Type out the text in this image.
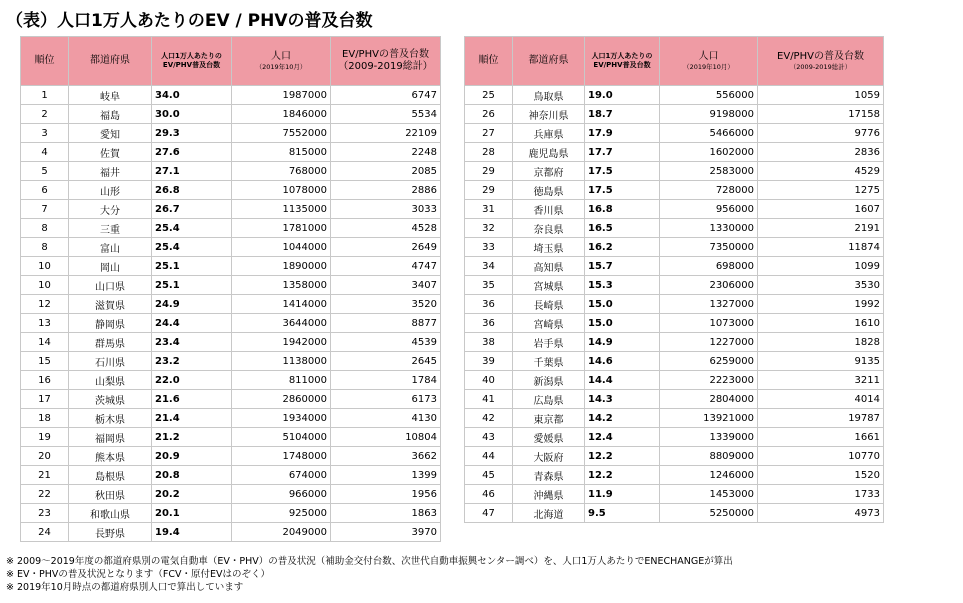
（表）人口1万人あたりのEV / PHVの普及台数
順位	都道府県	人口1万人あたりの
EV/PHV普及台数	人口
（2019年10月）	EV/PHVの普及台数
（2009-2019総計）

1	岐阜	34.0	1987000	6747
2	福島	30.0	1846000	5534
3	愛知	29.3	7552000	22109
4	佐賀	27.6	815000	2248
5	福井	27.1	768000	2085
6	山形	26.8	1078000	2886
7	大分	26.7	1135000	3033
8	三重	25.4	1781000	4528
8	富山	25.4	1044000	2649
10	岡山	25.1	1890000	4747
10	山口県	25.1	1358000	3407
12	滋賀県	24.9	1414000	3520
13	静岡県	24.4	3644000	8877
14	群馬県	23.4	1942000	4539
15	石川県	23.2	1138000	2645
16	山梨県	22.0	811000	1784
17	茨城県	21.6	2860000	6173
18	栃木県	21.4	1934000	4130
19	福岡県	21.2	5104000	10804
20	熊本県	20.9	1748000	3662
21	島根県	20.8	674000	1399
22	秋田県	20.2	966000	1956
23	和歌山県	20.1	925000	1863
24	長野県	19.4	2049000	3970
順位	都道府県	人口1万人あたりの
EV/PHV普及台数	人口
（2019年10月）	EV/PHVの普及台数
（2009-2019総計）

25	鳥取県	19.0	556000	1059
26	神奈川県	18.7	9198000	17158
27	兵庫県	17.9	5466000	9776
28	鹿児島県	17.7	1602000	2836
29	京都府	17.5	2583000	4529
29	徳島県	17.5	728000	1275
31	香川県	16.8	956000	1607
32	奈良県	16.5	1330000	2191
33	埼玉県	16.2	7350000	11874
34	高知県	15.7	698000	1099
35	宮城県	15.3	2306000	3530
36	長崎県	15.0	1327000	1992
36	宮崎県	15.0	1073000	1610
38	岩手県	14.9	1227000	1828
39	千葉県	14.6	6259000	9135
40	新潟県	14.4	2223000	3211
41	広島県	14.3	2804000	4014
42	東京都	14.2	13921000	19787
43	愛媛県	12.4	1339000	1661
44	大阪府	12.2	8809000	10770
45	青森県	12.2	1246000	1520
46	沖縄県	11.9	1453000	1733
47	北海道	9.5	5250000	4973
※ 2009～2019年度の都道府県別の電気自動車（EV・PHV）の普及状況（補助金交付台数、次世代自動車振興センター調べ）を、人口1万人あたりでENECHANGEが算出
※ EV・PHVの普及状況となります（FCV・原付EVはのぞく）
※ 2019年10月時点の都道府県別人口で算出しています
